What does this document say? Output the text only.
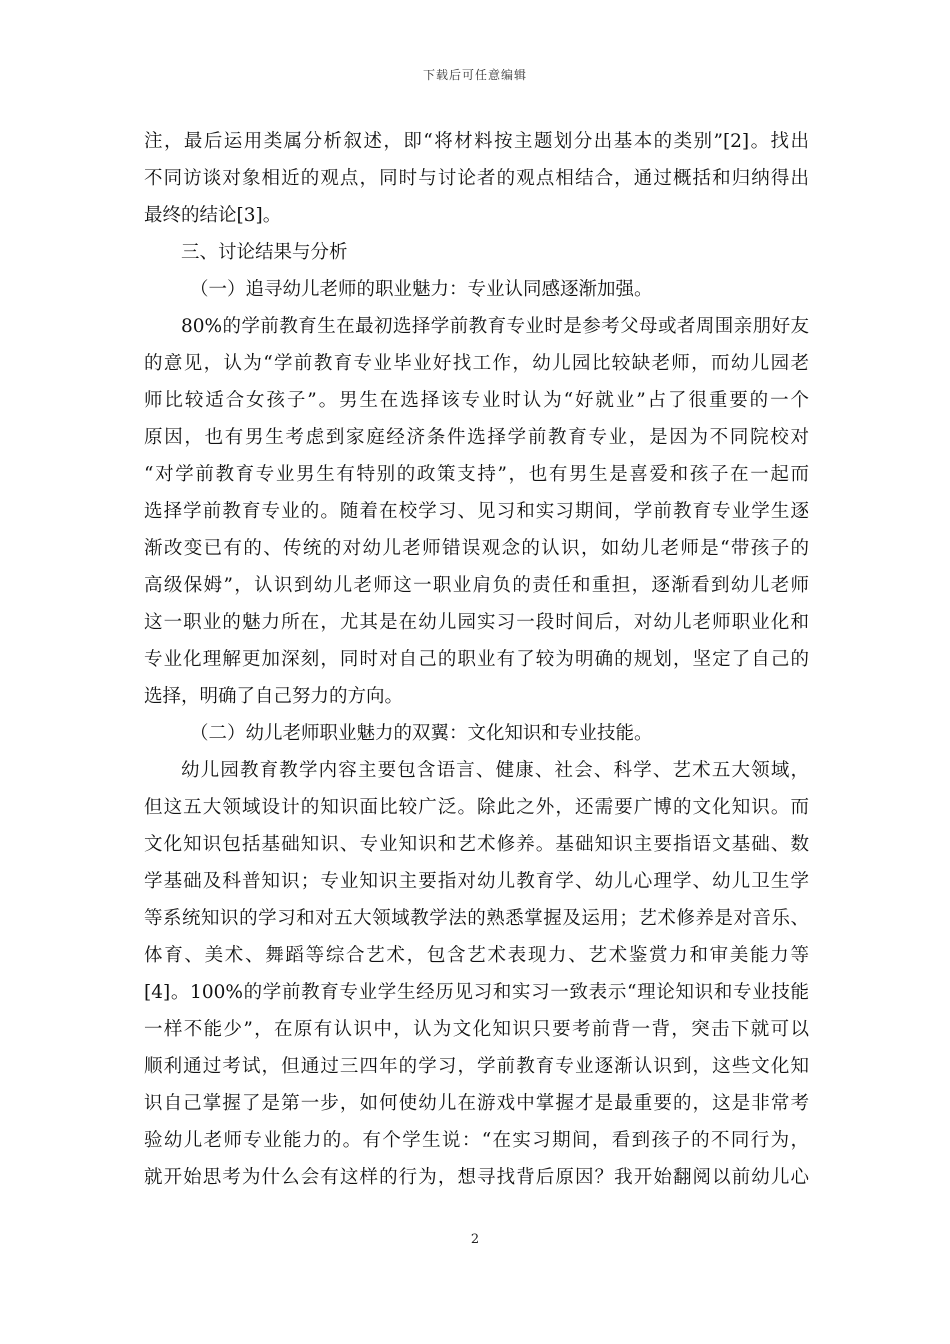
下载后可任意编辑
注，最后运用类属分析叙述，即“将材料按主题划分出基本的类别”[2]。找出
不同访谈对象相近的观点，同时与讨论者的观点相结合，通过概括和归纳得出
最终的结论[3]。
三、讨论结果与分析
（一）追寻幼儿老师的职业魅力：专业认同感逐渐加强。
80%的学前教育生在最初选择学前教育专业时是参考父母或者周围亲朋好友
的意见，认为“学前教育专业毕业好找工作，幼儿园比较缺老师，而幼儿园老
师比较适合女孩子”。男生在选择该专业时认为“好就业”占了很重要的一个
原因，也有男生考虑到家庭经济条件选择学前教育专业，是因为不同院校对
“对学前教育专业男生有特别的政策支持”，也有男生是喜爱和孩子在一起而
选择学前教育专业的。随着在校学习、见习和实习期间，学前教育专业学生逐
渐改变已有的、传统的对幼儿老师错误观念的认识，如幼儿老师是“带孩子的
高级保姆”，认识到幼儿老师这一职业肩负的责任和重担，逐渐看到幼儿老师
这一职业的魅力所在，尤其是在幼儿园实习一段时间后，对幼儿老师职业化和
专业化理解更加深刻，同时对自己的职业有了较为明确的规划，坚定了自己的
选择，明确了自己努力的方向。
（二）幼儿老师职业魅力的双翼：文化知识和专业技能。
幼儿园教育教学内容主要包含语言、健康、社会、科学、艺术五大领域，
但这五大领域设计的知识面比较广泛。除此之外，还需要广博的文化知识。而
文化知识包括基础知识、专业知识和艺术修养。基础知识主要指语文基础、数
学基础及科普知识；专业知识主要指对幼儿教育学、幼儿心理学、幼儿卫生学
等系统知识的学习和对五大领域教学法的熟悉掌握及运用；艺术修养是对音乐、
体育、美术、舞蹈等综合艺术，包含艺术表现力、艺术鉴赏力和审美能力等
[4]。100%的学前教育专业学生经历见习和实习一致表示“理论知识和专业技能
一样不能少”，在原有认识中，认为文化知识只要考前背一背，突击下就可以
顺利通过考试，但通过三四年的学习，学前教育专业逐渐认识到，这些文化知
识自己掌握了是第一步，如何使幼儿在游戏中掌握才是最重要的，这是非常考
验幼儿老师专业能力的。有个学生说：“在实习期间，看到孩子的不同行为，
就开始思考为什么会有这样的行为，想寻找背后原因？我开始翻阅以前幼儿心
2
